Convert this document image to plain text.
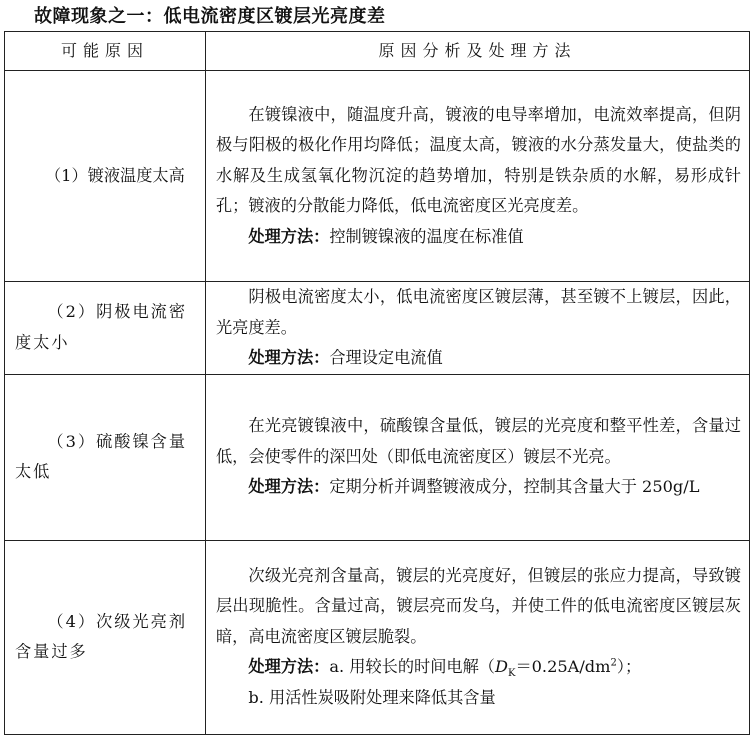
故障现象之一：低电流密度区镀层光亮度差
可能原因	原因分析及处理方法

（1）镀液温度太高	在镀镍液中，随温度升高，镀液的电导率增加，电流效率提高，但阴极与阳极的极化作用均降低；温度太高，镀液的水分蒸发量大，使盐类的水解及生成氢氧化物沉淀的趋势增加，特别是铁杂质的水解，易形成针孔；镀液的分散能力降低，低电流密度区光亮度差。
处理方法：控制镀镍液的温度在标准值

（2）阴极电流密度太小	阴极电流密度太小，低电流密度区镀层薄，甚至镀不上镀层，因此，光亮度差。
处理方法：合理设定电流值

（3）硫酸镍含量太低	在光亮镀镍液中，硫酸镍含量低，镀层的光亮度和整平性差，含量过低，会使零件的深凹处（即低电流密度区）镀层不光亮。
处理方法：定期分析并调整镀液成分，控制其含量大于 250g/L

（4）次级光亮剂含量过多	次级光亮剂含量高，镀层的光亮度好，但镀层的张应力提高，导致镀层出现脆性。含量过高，镀层亮而发乌，并使工件的低电流密度区镀层灰暗，高电流密度区镀层脆裂。
处理方法：a. 用较长的时间电解$(D_K=0.25A/dm^2)$；
b. 用活性炭吸附处理来降低其含量
